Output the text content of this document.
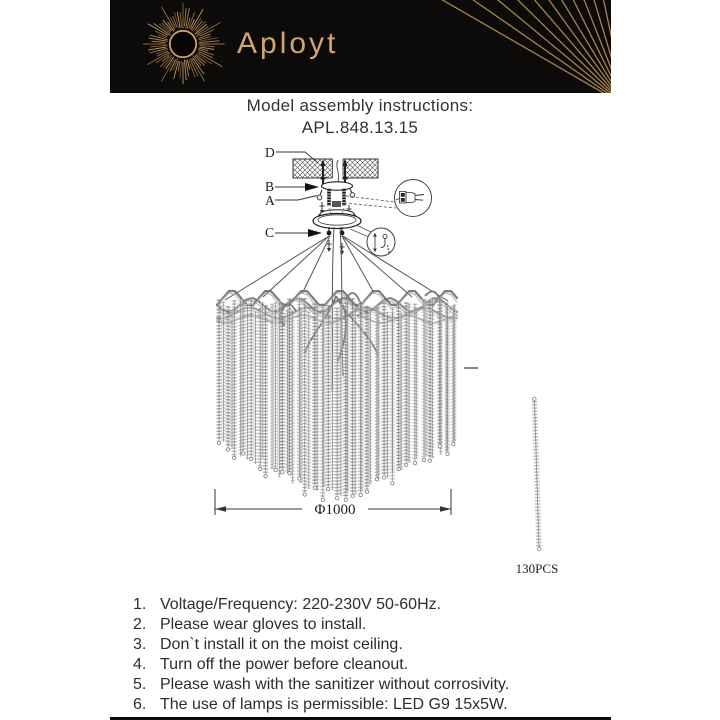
Aployt
Model assembly instructions:
APL.848.13.15
D
B
A
C
Φ1000
130PCS
1. Voltage/Frequency: 220-230V 50-60Hz.
2. Please wear gloves to install.
3. Don`t install it on the moist ceiling.
4. Turn off the power before cleanout.
5. Please wash with the sanitizer without corrosivity.
6. The use of lamps is permissible: LED G9 15x5W.
